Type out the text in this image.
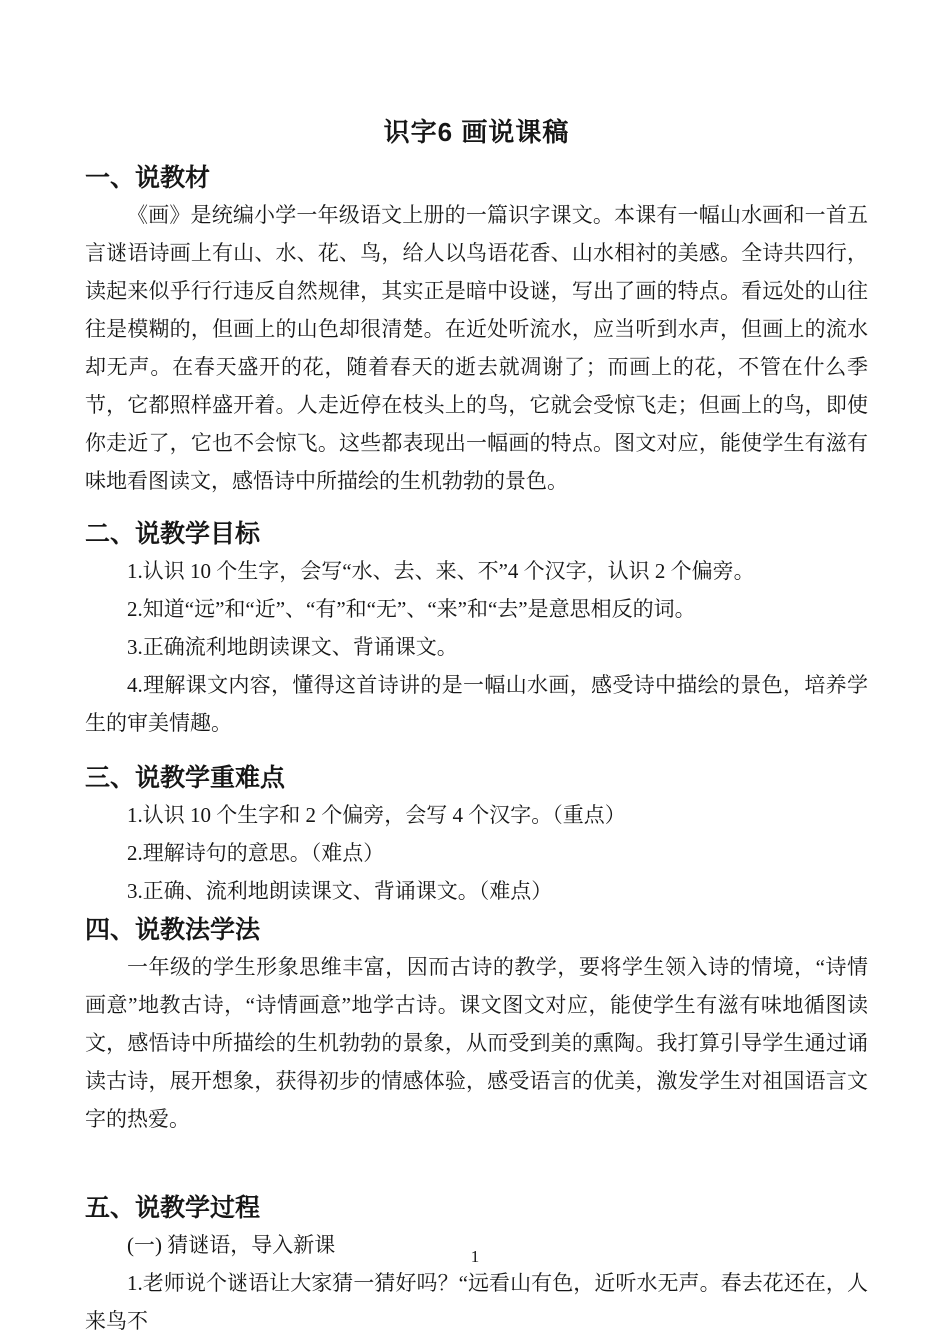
识字6 画说课稿
一、说教材

《画》是统编小学一年级语文上册的一篇识字课文。本课有一幅山水画和一首五言谜语诗画上有山、水、花、鸟，给人以鸟语花香、山水相衬的美感。全诗共四行，读起来似乎行行违反自然规律，其实正是暗中设谜，写出了画的特点。看远处的山往往是模糊的，但画上的山色却很清楚。在近处听流水，应当听到水声，但画上的流水却无声。在春天盛开的花，随着春天的逝去就凋谢了；而画上的花，不管在什么季节，它都照样盛开着。人走近停在枝头上的鸟，它就会受惊飞走；但画上的鸟，即使你走近了，它也不会惊飞。这些都表现出一幅画的特点。图文对应，能使学生有滋有味地看图读文，感悟诗中所描绘的生机勃勃的景色。

二、说教学目标

1.认识 10 个生字，会写“水、去、来、不”4 个汉字，认识 2 个偏旁。

2.知道“远”和“近”、“有”和“无”、“来”和“去”是意思相反的词。

3.正确流利地朗读课文、背诵课文。

4.理解课文内容，懂得这首诗讲的是一幅山水画，感受诗中描绘的景色，培养学生的审美情趣。

三、说教学重难点

1.认识 10 个生字和 2 个偏旁，会写 4 个汉字。（重点）

2.理解诗句的意思。（难点）

3.正确、流利地朗读课文、背诵课文。（难点）

四、说教法学法

一年级的学生形象思维丰富，因而古诗的教学，要将学生领入诗的情境，“诗情画意”地教古诗，“诗情画意”地学古诗。课文图文对应，能使学生有滋有味地循图读文，感悟诗中所描绘的生机勃勃的景象，从而受到美的熏陶。我打算引导学生通过诵读古诗，展开想象，获得初步的情感体验，感受语言的优美，激发学生对祖国语言文字的热爱。

五、说教学过程

(一) 猜谜语，导入新课

1.老师说个谜语让大家猜一猜好吗？“远看山有色，近听水无声。春去花还在，人来鸟不

1
